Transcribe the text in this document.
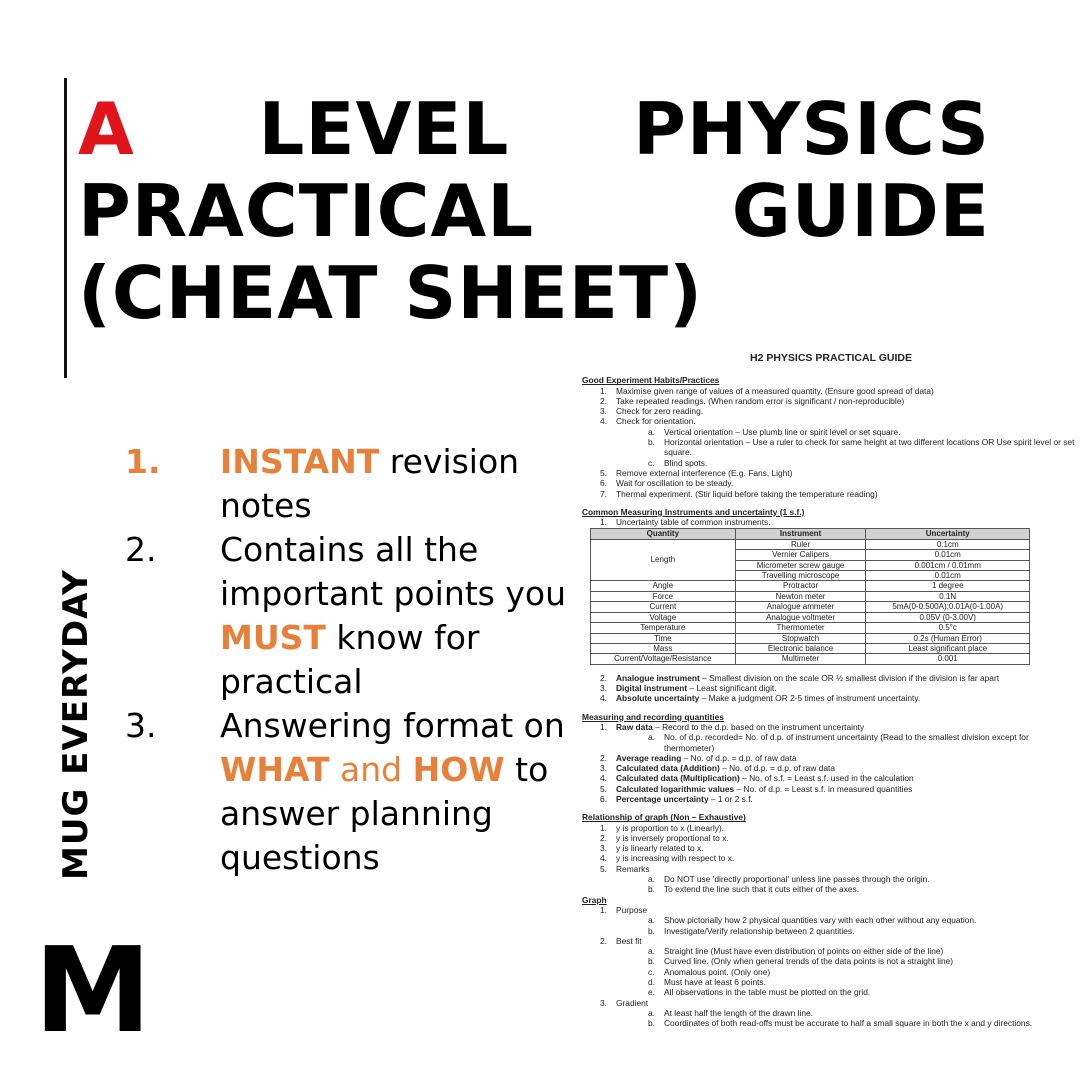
A LEVEL PHYSICS
PRACTICAL	GUIDE
(CHEAT SHEET)
MUG EVERYDAY
M
1.	INSTANT revision notes
2.	Contains all the important points you MUST know for practical
3.	Answering format on WHAT and HOW to answer planning questions
H2 PHYSICS PRACTICAL GUIDE
Good Experiment Habits/Practices
1.	Maximise given range of values of a measured quantity. (Ensure good spread of data)
2.	Take repeated readings. (When random error is significant / non-reproducible)
3.	Check for zero reading.
4.	Check for orientation.
a.	Vertical orientation – Use plumb line or spirit level or set square.
b.	Horizontal orientation – Use a ruler to check for same height at two different locations OR Use spirit level or set square.
c.	Blind spots.
5.	Remove external interference (E.g. Fans, Light)
6.	Wait for oscillation to be steady.
7.	Thermal experiment. (Stir liquid before taking the temperature reading)
Common Measuring Instruments and uncertainty (1 s.f.)
1.	Uncertainty table of common instruments.
Quantity	Instrument	Uncertainty
Length	Ruler	0.1cm
	Vernier Calipers	0.01cm
	Micrometer screw gauge	0.001cm / 0.01mm
	Travelling microscope	0.01cm
Angle	Protractor	1 degree
Force	Newton meter	0.1N
Current	Analogue ammeter	5mA(0-0.500A);0.01A(0-1.00A)
Voltage	Analogue voltmeter	0.05V (0-3.00V)
Temperature	Thermometer	0.5°c
Time	Stopwatch	0.2s (Human Error)
Mass	Electronic balance	Least significant place
Current/Voltage/Resistance	Multimeter	0.001
2.	Analogue instrument – Smallest division on the scale OR ½ smallest division if the division is far apart
3.	Digital instrument – Least significant digit.
4.	Absolute uncertainty – Make a judgment OR 2-5 times of instrument uncertainty.
Measuring and recording quantities
1.	Raw data – Record to the d.p. based on the instrument uncertainty
a.	No. of d.p. recorded= No. of d.p. of instrument uncertainty (Read to the smallest division except for thermometer)
2.	Average reading – No. of d.p. = d.p. of raw data
3.	Calculated data (Addition) – No. of d.p. = d.p. of raw data
4.	Calculated data (Multiplication) – No. of s.f. = Least s.f. used in the calculation
5.	Calculated logarithmic values – No. of d.p. = Least s.f. in measured quantities
6.	Percentage uncertainty – 1 or 2 s.f.
Relationship of graph (Non – Exhaustive)
1.	y is proportion to x (Linearly).
2.	y is inversely proportional to x.
3.	y is linearly related to x.
4.	y is increasing with respect to x.
5.	Remarks
a.	Do NOT use 'directly proportional' unless line passes through the origin.
b.	To extend the line such that it cuts either of the axes.
Graph
1.	Purpose
a.	Show pictorially how 2 physical quantities vary with each other without any equation.
b.	Investigate/Verify relationship between 2 quantities.
2.	Best fit
a.	Straight line (Must have even distribution of points on either side of the line)
b.	Curved line. (Only when general trends of the data points is not a straight line)
c.	Anomalous point. (Only one)
d.	Must have at least 6 points.
e.	All observations in the table must be plotted on the grid.
3.	Gradient
a.	At least half the length of the drawn line.
b.	Coordinates of both read-offs must be accurate to half a small square in both the x and y directions.
